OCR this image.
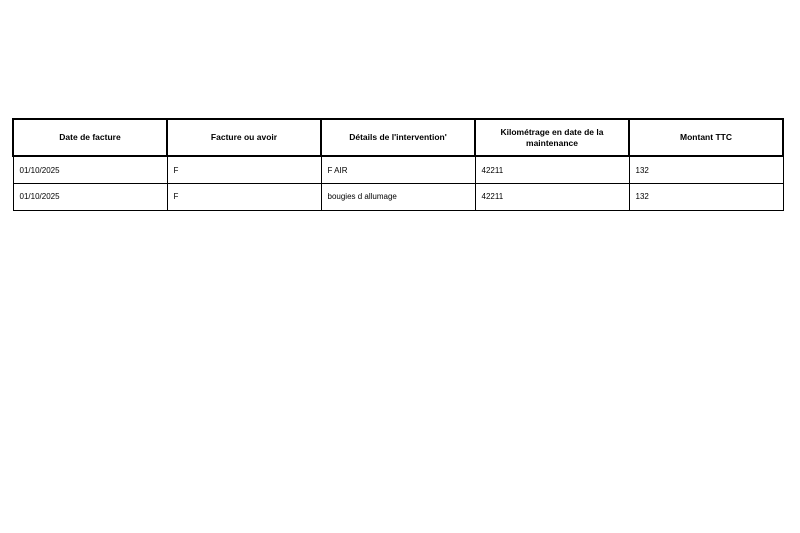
Date de facture	Facture ou avoir	Détails de l'intervention'	Kilométrage en date de la maintenance	Montant TTC
01/10/2025	F	F AIR	42211	132
01/10/2025	F	bougies d allumage	42211	132
